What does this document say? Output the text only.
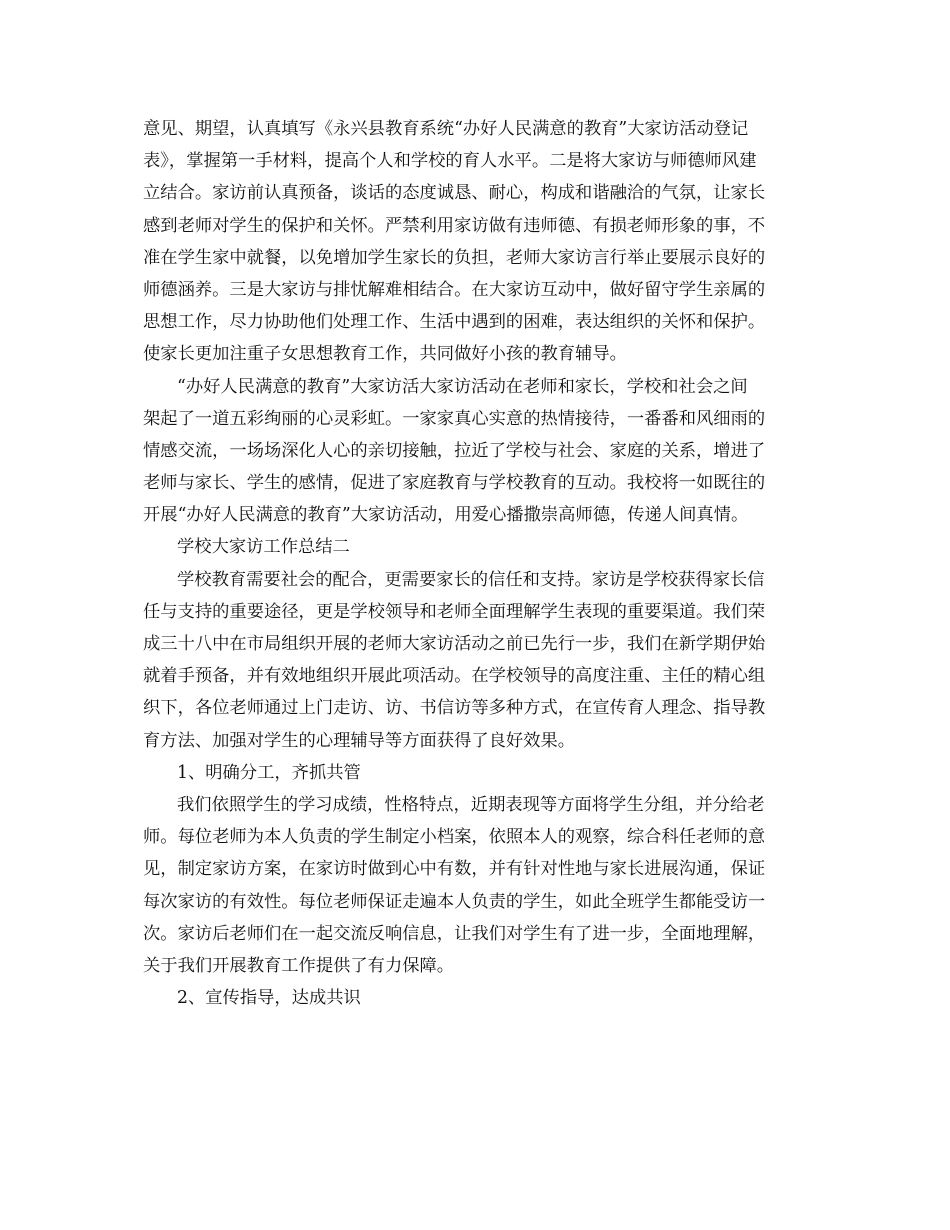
意见、期望，认真填写《永兴县教育系统“办好人民满意的教育”大家访活动登记
表》，掌握第一手材料，提高个人和学校的育人水平。二是将大家访与师德师风建
立结合。家访前认真预备，谈话的态度诚恳、耐心，构成和谐融洽的气氛，让家长
感到老师对学生的保护和关怀。严禁利用家访做有违师德、有损老师形象的事，不
准在学生家中就餐，以免增加学生家长的负担，老师大家访言行举止要展示良好的
师德涵养。三是大家访与排忧解难相结合。在大家访互动中，做好留守学生亲属的
思想工作，尽力协助他们处理工作、生活中遇到的困难，表达组织的关怀和保护。
使家长更加注重子女思想教育工作，共同做好小孩的教育辅导。
“办好人民满意的教育”大家访活大家访活动在老师和家长，学校和社会之间
架起了一道五彩绚丽的心灵彩虹。一家家真心实意的热情接待，一番番和风细雨的
情感交流，一场场深化人心的亲切接触，拉近了学校与社会、家庭的关系，增进了
老师与家长、学生的感情，促进了家庭教育与学校教育的互动。我校将一如既往的
开展“办好人民满意的教育”大家访活动，用爱心播撒崇高师德，传递人间真情。
学校大家访工作总结二
学校教育需要社会的配合，更需要家长的信任和支持。家访是学校获得家长信
任与支持的重要途径，更是学校领导和老师全面理解学生表现的重要渠道。我们荣
成三十八中在市局组织开展的老师大家访活动之前已先行一步，我们在新学期伊始
就着手预备，并有效地组织开展此项活动。在学校领导的高度注重、主任的精心组
织下，各位老师通过上门走访、访、书信访等多种方式，在宣传育人理念、指导教
育方法、加强对学生的心理辅导等方面获得了良好效果。
1、明确分工，齐抓共管
我们依照学生的学习成绩，性格特点，近期表现等方面将学生分组，并分给老
师。每位老师为本人负责的学生制定小档案，依照本人的观察，综合科任老师的意
见，制定家访方案，在家访时做到心中有数，并有针对性地与家长进展沟通，保证
每次家访的有效性。每位老师保证走遍本人负责的学生，如此全班学生都能受访一
次。家访后老师们在一起交流反响信息，让我们对学生有了进一步，全面地理解，
关于我们开展教育工作提供了有力保障。
2、宣传指导，达成共识
